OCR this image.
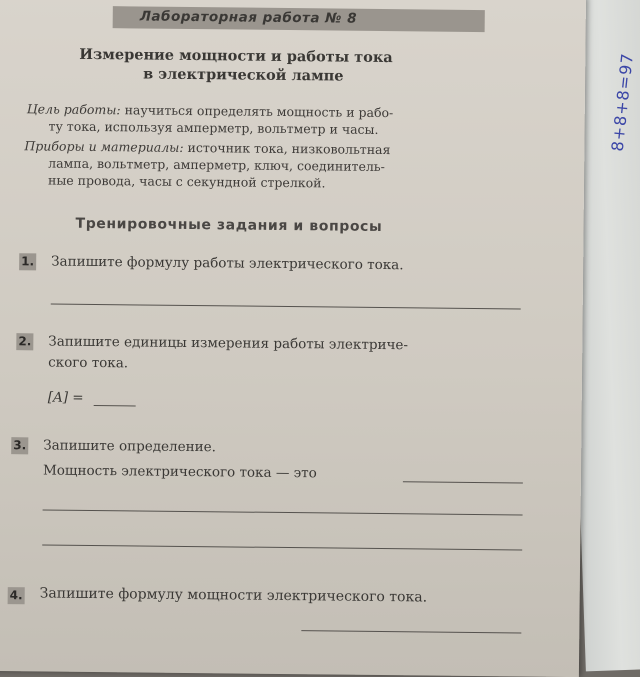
8+8+8=97
Лабораторная работа № 8
Измерение мощности и работы тока
в электрической лампе
Цель работы: научиться определять мощность и рабо-
ту тока, используя амперметр, вольтметр и часы.
Приборы и материалы: источник тока, низковольтная
лампа, вольтметр, амперметр, ключ, соединитель-
ные провода, часы с секундной стрелкой.
Тренировочные задания и вопросы
1. Запишите формулу работы электрического тока.
2. Запишите единицы измерения работы электриче-
ского тока.
[A] =
3. Запишите определение.
Мощность электрического тока — это
4. Запишите формулу мощности электрического тока.
